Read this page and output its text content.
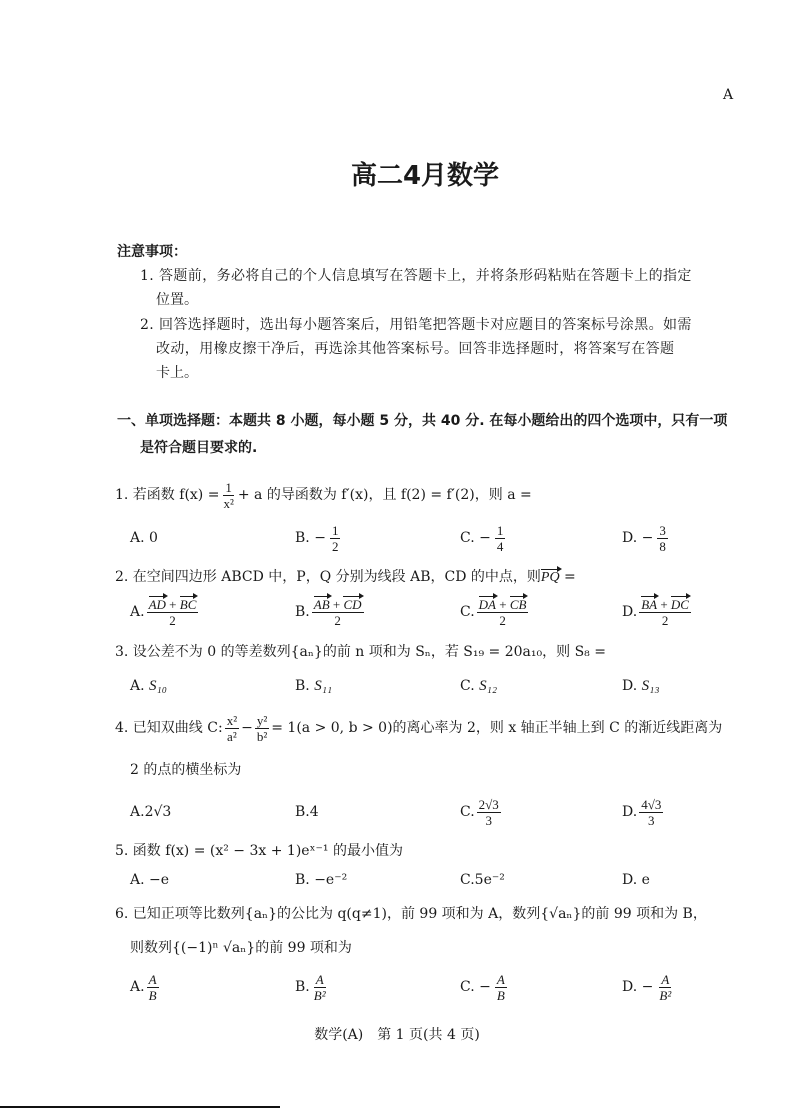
A
高二4月数学
注意事项：
1. 答题前，务必将自己的个人信息填写在答题卡上，并将条形码粘贴在答题卡上的指定
位置。
2. 回答选择题时，选出每小题答案后，用铅笔把答题卡对应题目的答案标号涂黑。如需
改动，用橡皮擦干净后，再选涂其他答案标号。回答非选择题时，将答案写在答题
卡上。
一、单项选择题：本题共 8 小题，每小题 5 分，共 40 分. 在每小题给出的四个选项中，只有一项
是符合题目要求的.
1. 若函数 $f(x) = \frac{1}{\text{x²}} + a$ 的导函数为 f′(x)，且 f(2) = f′(2)，则 a =
A.
0	B.
− $\frac{1}{2}$	C.
− $\frac{1}{4}$	D.
− $\frac{3}{8}$
2. 在空间四边形 ABCD 中，P，Q 分别为线段 AB，CD 的中点，则 PQ
=
A. $\frac{AD + BC}{2}$	B. $\frac{AB + CD}{2}$	C. $\frac{DA + CB}{2}$	D. $\frac{BA + DC}{2}$
3. 设公差不为 0 的等差数列{aₙ}的前 n 项和为 Sₙ，若 S₁₉ = 20a₁₀，则 S₈ =
A.
S₁₀	B.
S₁₁	C.
S₁₂	D.
S₁₃
4. 已知双曲线 C: $\frac{\text{x²}}{\text{a²}} - \frac{\text{y²}}{\text{b²}} = 1(a > 0$, b > 0)的离心率为 2，则 x 轴正半轴上到 C 的渐近线距离为
2 的点的横坐标为
A. 2√3	B. 4	C. $\frac{2√3}{3}$	D. $\frac{4√3}{3}$
5. 函数 f(x) = (x² − 3x + 1)eˣ⁻¹ 的最小值为
A.
−e	B.
−e⁻²	C. 5e⁻²	D.
e
6. 已知正项等比数列{aₙ}的公比为 q(q≠1)，前 99 项和为 A，数列{√aₙ}的前 99 项和为 B，
则数列{(−1)ⁿ √aₙ}的前 99 项和为
A. $\frac{A}{B}$	B. $\frac{A}{\text{B²}}$	C.
− $\frac{A}{B}$	D.
− $\frac{A}{\text{B²}}$
数学(A)　第 1 页(共 4 页)
